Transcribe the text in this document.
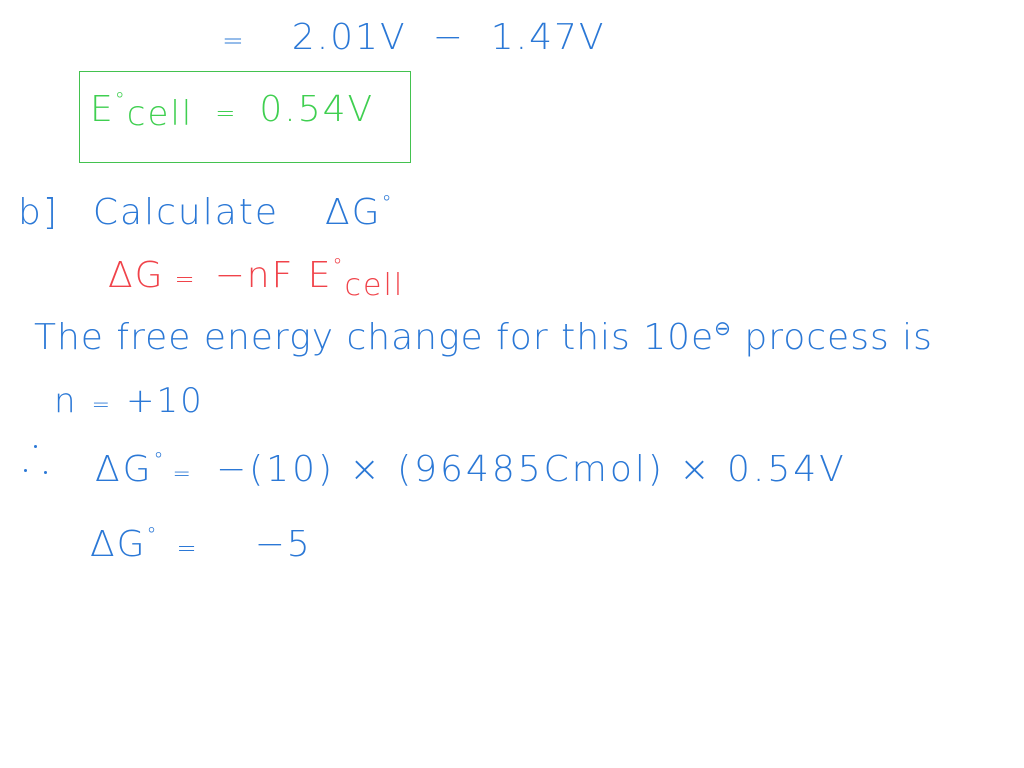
= 2.01V − 1.47V
E°cell = 0.54V
b] Calculate ΔG°
ΔG = −nF $E^\circ_{cell}$
The free energy change for this 10e⊖ process is
n = +10
ΔG°= −(10) × (96485Cmol) × 0.54V
ΔG° = −5
